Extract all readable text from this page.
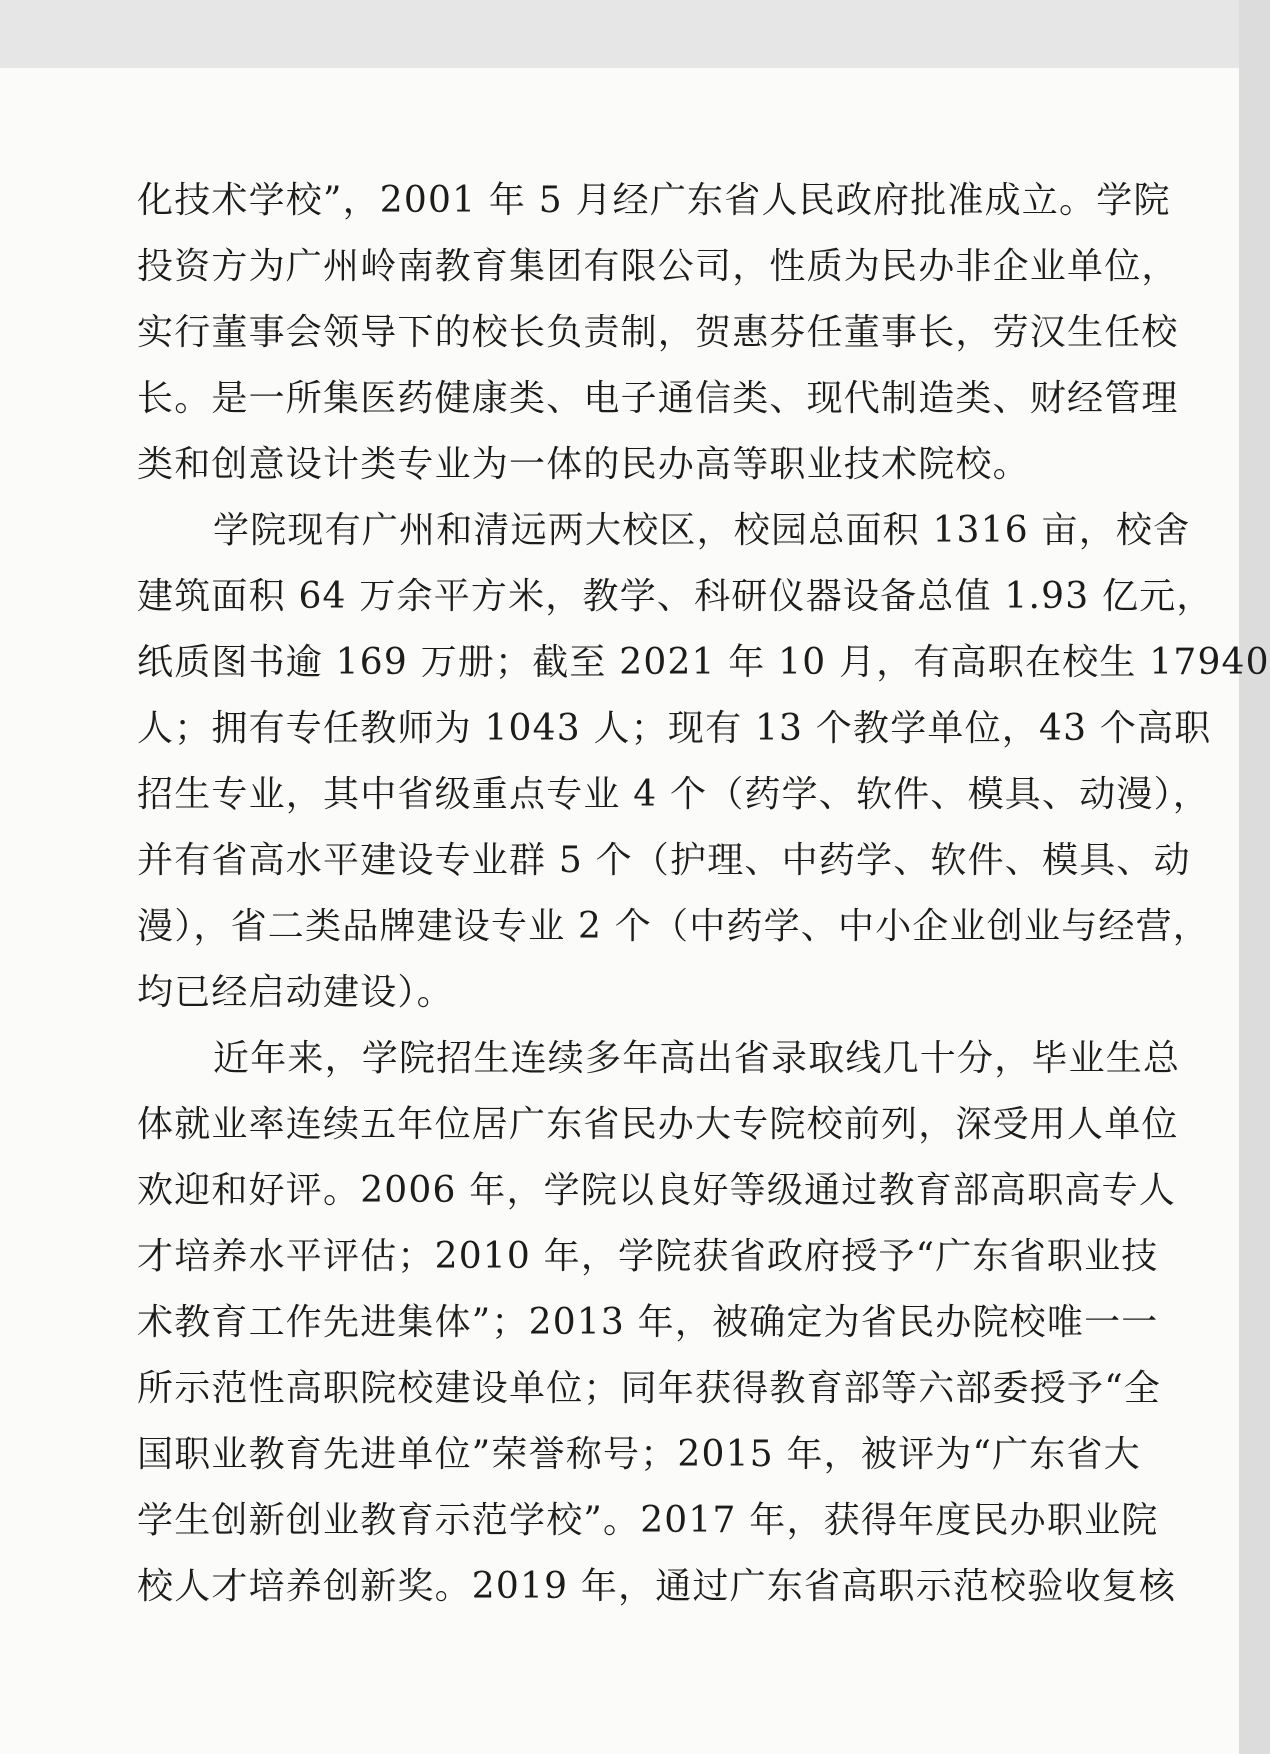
化技术学校”，2001 年 5 月经广东省人民政府批准成立。学院
投资方为广州岭南教育集团有限公司，性质为民办非企业单位，
实行董事会领导下的校长负责制，贺惠芬任董事长，劳汉生任校
长。是一所集医药健康类、电子通信类、现代制造类、财经管理
类和创意设计类专业为一体的民办高等职业技术院校。
学院现有广州和清远两大校区，校园总面积 1316 亩，校舍
建筑面积 64 万余平方米，教学、科研仪器设备总值 1.93 亿元，
纸质图书逾 169 万册；截至 2021 年 10 月，有高职在校生 17940
人；拥有专任教师为 1043 人；现有 13 个教学单位，43 个高职
招生专业，其中省级重点专业 4 个（药学、软件、模具、动漫），
并有省高水平建设专业群 5 个（护理、中药学、软件、模具、动
漫），省二类品牌建设专业 2 个（中药学、中小企业创业与经营，
均已经启动建设）。
近年来，学院招生连续多年高出省录取线几十分，毕业生总
体就业率连续五年位居广东省民办大专院校前列，深受用人单位
欢迎和好评。2006 年，学院以良好等级通过教育部高职高专人
才培养水平评估；2010 年，学院获省政府授予“广东省职业技
术教育工作先进集体”；2013 年，被确定为省民办院校唯一一
所示范性高职院校建设单位；同年获得教育部等六部委授予“全
国职业教育先进单位”荣誉称号；2015 年，被评为“广东省大
学生创新创业教育示范学校”。2017 年，获得年度民办职业院
校人才培养创新奖。2019 年，通过广东省高职示范校验收复核
